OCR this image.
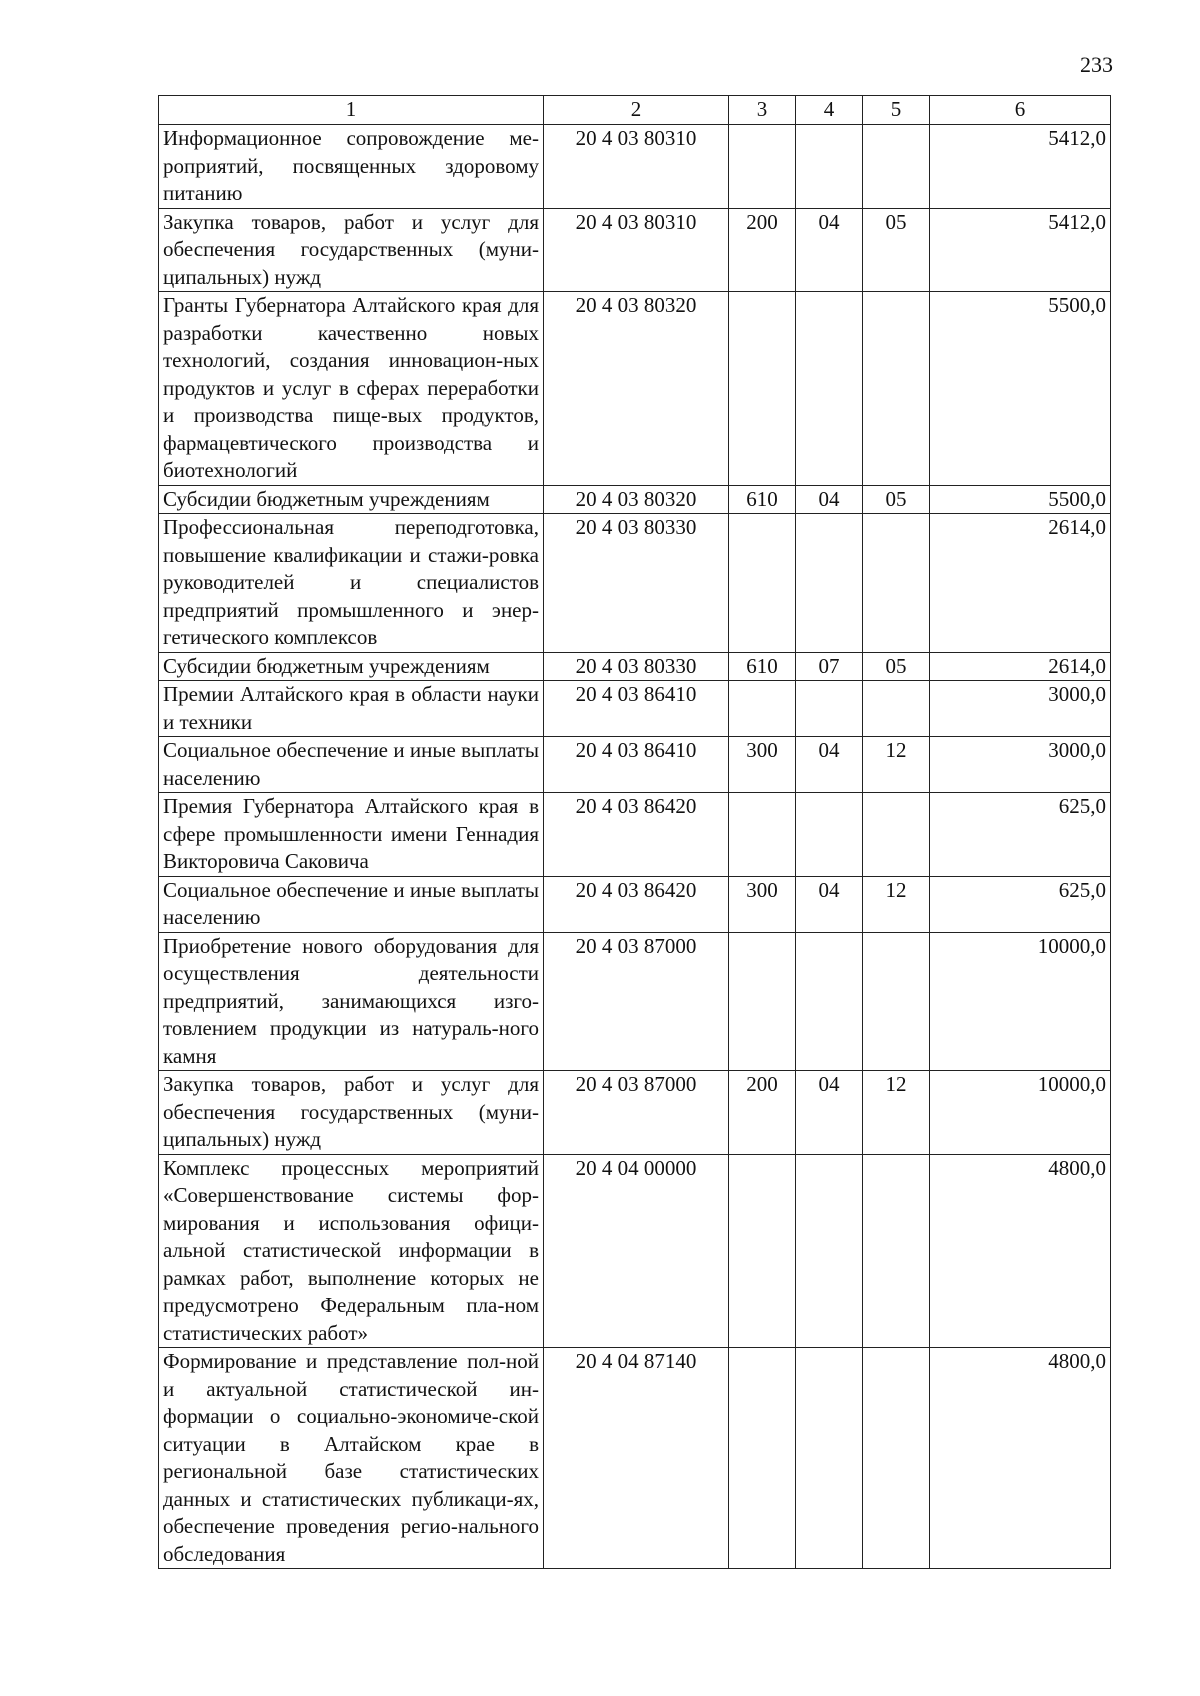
233
1	2	3	4	5	6
Информационное сопровождение ме-роприятий, посвященных здоровому питанию	20 4 03 80310				5412,0
Закупка товаров, работ и услуг для обеспечения государственных (муни-ципальных) нужд	20 4 03 80310	200	04	05	5412,0
Гранты Губернатора Алтайского края для разработки качественно новых технологий, создания инновацион-ных продуктов и услуг в сферах переработки и производства пище-вых продуктов, фармацевтического производства и биотехнологий	20 4 03 80320				5500,0
Субсидии бюджетным учреждениям	20 4 03 80320	610	04	05	5500,0
Профессиональная переподготовка, повышение квалификации и стажи-ровка руководителей и специалистов предприятий промышленного и энер-гетического комплексов	20 4 03 80330				2614,0
Субсидии бюджетным учреждениям	20 4 03 80330	610	07	05	2614,0
Премии Алтайского края в области науки и техники	20 4 03 86410				3000,0
Социальное обеспечение и иные выплаты населению	20 4 03 86410	300	04	12	3000,0
Премия Губернатора Алтайского края в сфере промышленности имени Геннадия Викторовича Саковича	20 4 03 86420				625,0
Социальное обеспечение и иные выплаты населению	20 4 03 86420	300	04	12	625,0
Приобретение нового оборудования для осуществления деятельности предприятий, занимающихся изго-товлением продукции из натураль-ного камня	20 4 03 87000				10000,0
Закупка товаров, работ и услуг для обеспечения государственных (муни-ципальных) нужд	20 4 03 87000	200	04	12	10000,0
Комплекс процессных мероприятий «Совершенствование системы фор-мирования и использования офици-альной статистической информации в рамках работ, выполнение которых не предусмотрено Федеральным пла-ном статистических работ»	20 4 04 00000				4800,0
Формирование и представление пол-ной и актуальной статистической ин-формации о социально-экономиче-ской ситуации в Алтайском крае в региональной базе статистических данных и статистических публикаци-ях, обеспечение проведения регио-нального обследования	20 4 04 87140				4800,0
